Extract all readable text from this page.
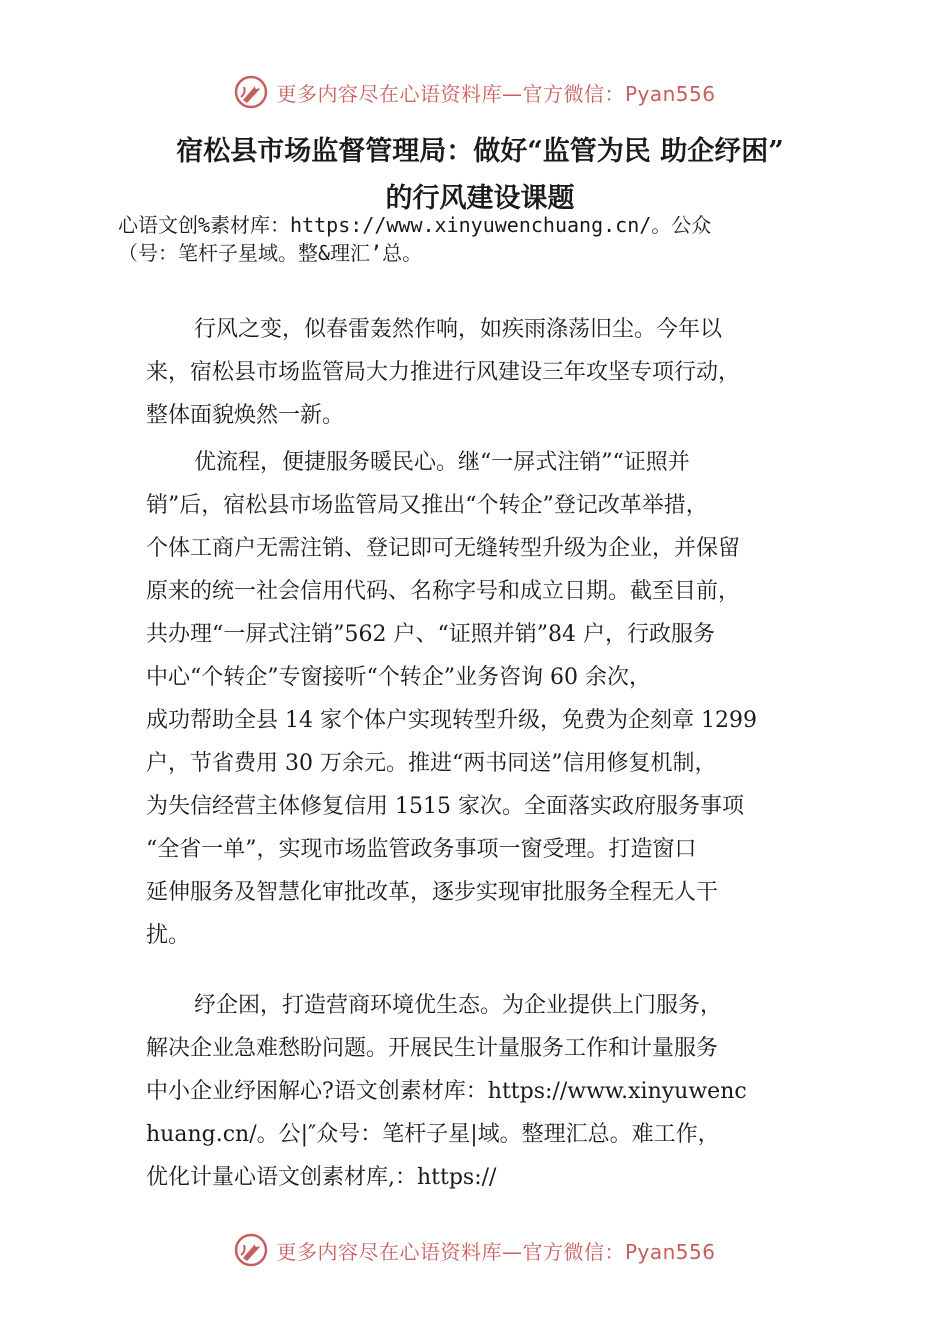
更多内容尽在心语资料库—官方微信：Pyan556
宿松县市场监督管理局：做好“监管为民 助企纾困”
的行风建设课题
心语文创%素材库：https://www.xinyuwenchuang.cn/。公众
（号：笔杆子星域。整&理汇’总。
行风之变，似春雷轰然作响，如疾雨涤荡旧尘。今年以
来，宿松县市场监管局大力推进行风建设三年攻坚专项行动，
整体面貌焕然一新。
优流程，便捷服务暖民心。继“一屏式注销”“证照并
销”后，宿松县市场监管局又推出“个转企”登记改革举措，
个体工商户无需注销、登记即可无缝转型升级为企业，并保留
原来的统一社会信用代码、名称字号和成立日期。截至目前，
共办理“一屏式注销”562 户、“证照并销”84 户，行政服务
中心“个转企”专窗接听“个转企”业务咨询 60 余次，
成功帮助全县 14 家个体户实现转型升级，免费为企刻章 1299
户，节省费用 30 万余元。推进“两书同送”信用修复机制，
为失信经营主体修复信用 1515 家次。全面落实政府服务事项
“全省一单”，实现市场监管政务事项一窗受理。打造窗口
延伸服务及智慧化审批改革，逐步实现审批服务全程无人干
扰。
纾企困，打造营商环境优生态。为企业提供上门服务，
解决企业急难愁盼问题。开展民生计量服务工作和计量服务
中小企业纾困解心?语文创素材库：https://www.xinyuwenc
huang.cn/。公|″众号：笔杆子星|域。整理汇总。难工作，
优化计量心语文创素材库,：https://
更多内容尽在心语资料库—官方微信：Pyan556
